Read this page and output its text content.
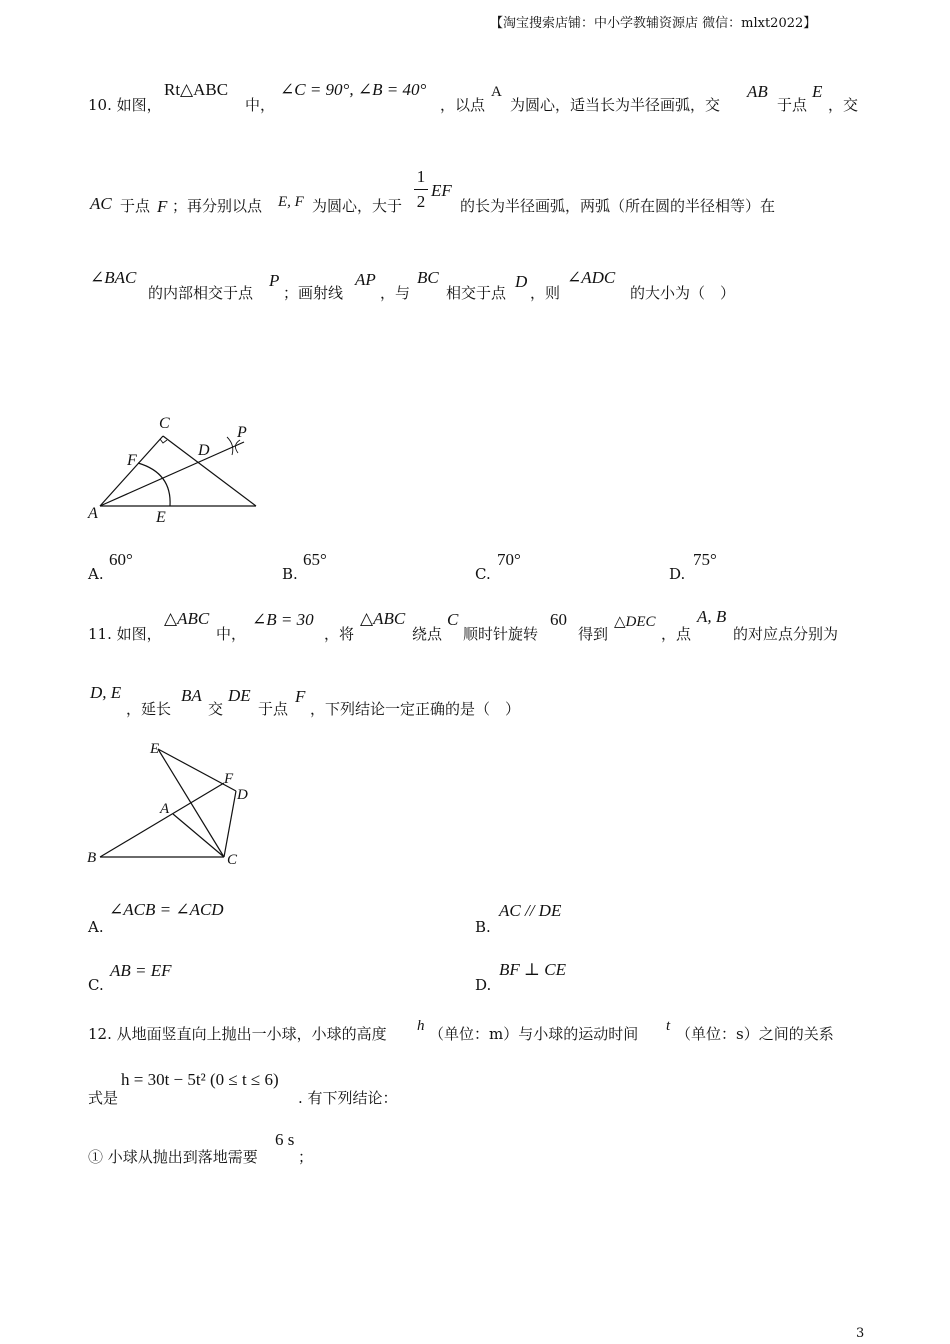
【淘宝搜索店铺：中小学教辅资源店 微信：mlxt2022】
10. 如图，
Rt△ABC
中，
∠C = 90°, ∠B = 40°
，以点
A
为圆心，适当长为半径画弧，交
AB
于点
E
，交
AC 于点 F ；再分别以点 E, F 为圆心，大于
1
2
EF
的长为半径画弧，两弧（所在圆的半径相等）在
∠BAC
的内部相交于点
P
；画射线
AP
，与
BC
相交于点
D
，则
∠ADC
的大小为（　）
A
C
F
D
E
P
A.
60°
B.
65°
C.
70°
D.
75°
11. 如图，
△ABC
中，
∠B = 30
，将
△ABC
绕点
C
顺时针旋转
60
得到
△DEC
，点
A, B
的对应点分别为
D, E
，延长
BA
交
DE
于点
F
，下列结论一定正确的是（　）
E
F
D
A
B	C
A.
∠ACB = ∠ACD
B.
AC // DE
C.
AB = EF
D.
BF ⊥ CE
12. 从地面竖直向上抛出一小球，小球的高度 h （单位：m）与小球的运动时间 t （单位：s）之间的关系
式是
h = 30t − 5t² (0 ≤ t ≤ 6)
. 有下列结论：
① 小球从抛出到落地需要
6 s
；
3
